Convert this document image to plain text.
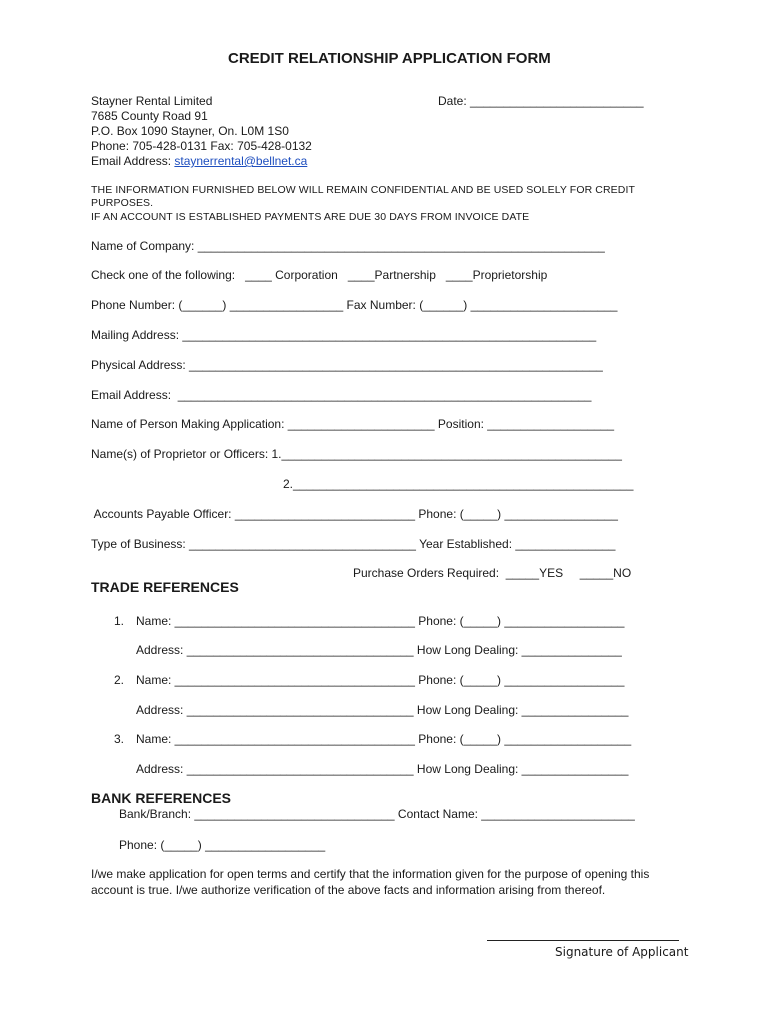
CREDIT RELATIONSHIP APPLICATION FORM
Stayner Rental Limited
7685 County Road 91
P.O. Box 1090 Stayner, On. L0M 1S0
Phone: 705-428-0131 Fax: 705-428-0132
Email Address: staynerrental@bellnet.ca
Date: __________________________
THE INFORMATION FURNISHED BELOW WILL REMAIN CONFIDENTIAL AND BE USED SOLELY FOR CREDIT
PURPOSES.
IF AN ACCOUNT IS ESTABLISHED PAYMENTS ARE DUE 30 DAYS FROM INVOICE DATE
Name of Company: _____________________________________________________________
Check one of the following:   ____ Corporation   ____Partnership   ____Proprietorship
Phone Number: (______) _________________ Fax Number: (______) ______________________
Mailing Address: ______________________________________________________________
Physical Address: ______________________________________________________________
Email Address:  ______________________________________________________________
Name of Person Making Application: ______________________ Position: ___________________
Name(s) of Proprietor or Officers: 1.___________________________________________________
2.___________________________________________________
Accounts Payable Officer: ___________________________ Phone: (_____) _________________
Type of Business: __________________________________ Year Established: _______________
Purchase Orders Required:  _____YES     _____NO
TRADE REFERENCES
1. Name: ____________________________________ Phone: (_____) __________________
Address: __________________________________ How Long Dealing: _______________
2. Name: ____________________________________ Phone: (_____) __________________
Address: __________________________________ How Long Dealing: ________________
3. Name: ____________________________________ Phone: (_____) ___________________
Address: __________________________________ How Long Dealing: ________________
BANK REFERENCES
Bank/Branch: ______________________________ Contact Name: _______________________
Phone: (_____) __________________
I/we make application for open terms and certify that the information given for the purpose of opening this
account is true. I/we authorize verification of the above facts and information arising from thereof.
Signature of Applicant
